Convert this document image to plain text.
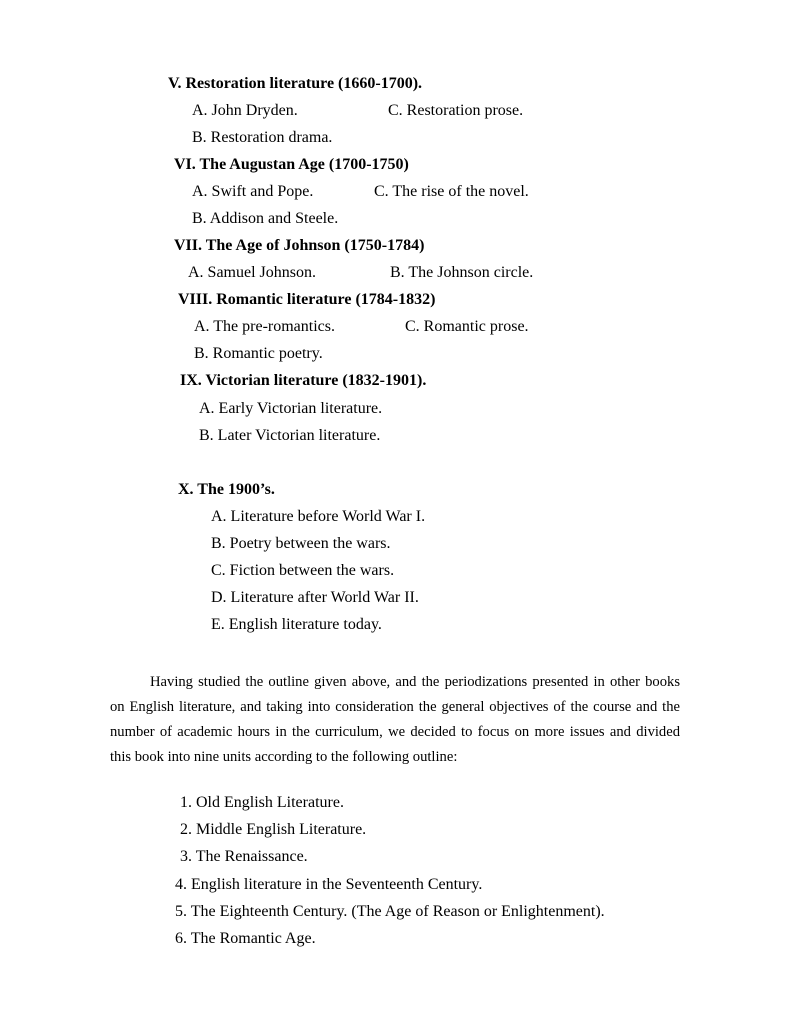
V. Restoration literature (1660-1700).
A. John Dryden.	C. Restoration prose.
B. Restoration drama.
VI. The Augustan Age (1700-1750)
A. Swift and Pope.	C. The rise of the novel.
B. Addison and Steele.
VII. The Age of Johnson (1750-1784)
A. Samuel Johnson.	B. The Johnson circle.
VIII. Romantic literature (1784-1832)
A. The pre-romantics.	C. Romantic prose.
B. Romantic poetry.
IX. Victorian literature (1832-1901).
A. Early Victorian literature.
B. Later Victorian literature.
X. The 1900’s.
A. Literature before World War I.
B. Poetry between the wars.
C. Fiction between the wars.
D. Literature after World War II.
E. English literature today.

Having studied the outline given above, and the periodizations presented in other books on English literature, and taking into consideration the general objectives of the course and the number of academic hours in the curriculum, we decided to focus on more issues and divided this book into nine units according to the following outline:

1. Old English Literature.
2. Middle English Literature.
3. The Renaissance.
4. English literature in the Seventeenth Century.
5. The Eighteenth Century. (The Age of Reason or Enlightenment).
6. The Romantic Age.
